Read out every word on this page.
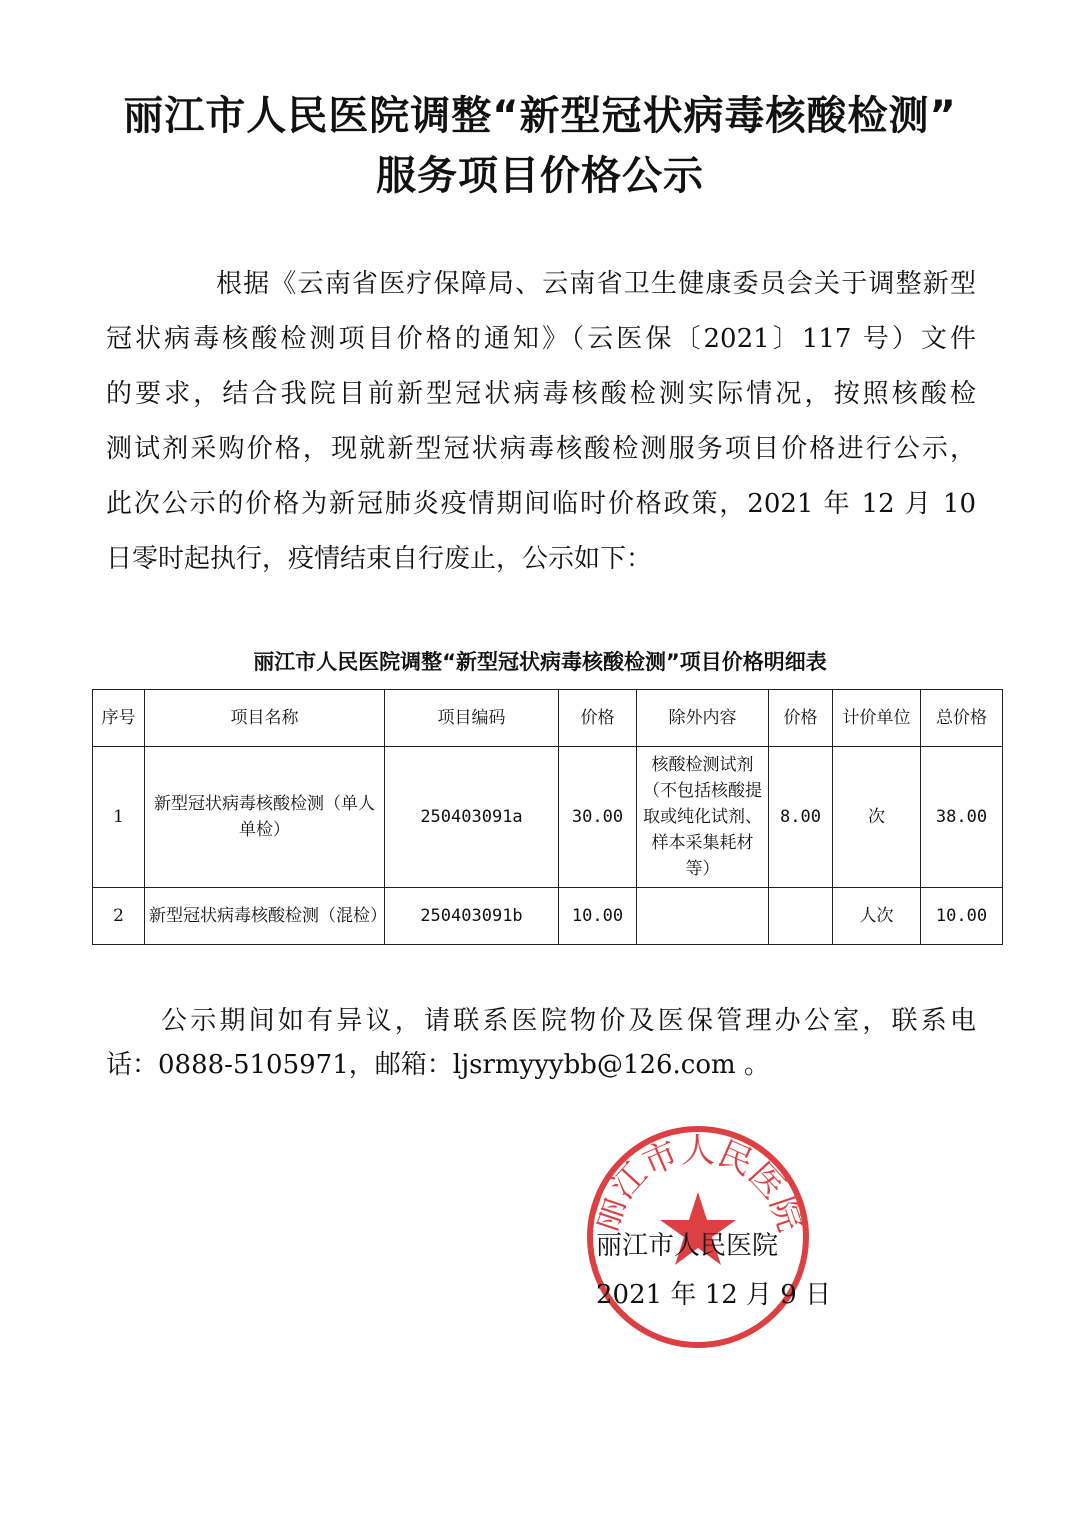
丽江市人民医院调整“新型冠状病毒核酸检测”
服务项目价格公示
根据《云南省医疗保障局、云南省卫生健康委员会关于调整新型
冠状病毒核酸检测项目价格的通知》（云医保〔2021〕117 号）文件
的要求，结合我院目前新型冠状病毒核酸检测实际情况，按照核酸检
测试剂采购价格，现就新型冠状病毒核酸检测服务项目价格进行公示，
此次公示的价格为新冠肺炎疫情期间临时价格政策，2021 年 12 月 10
日零时起执行，疫情结束自行废止，公示如下：
丽江市人民医院调整“新型冠状病毒核酸检测”项目价格明细表
序号	项目名称	项目编码	价格	除外内容	价格	计价单位	总价格
1	新型冠状病毒核酸检测（单人单检）	250403091a	30.00	核酸检测试剂（不包括核酸提取或纯化试剂、样本采集耗材等）	8.00	次	38.00
2	新型冠状病毒核酸检测（混检）	250403091b	10.00			人次	10.00
公示期间如有异议，请联系医院物价及医保管理办公室，联系电
话：0888-5105971，邮箱：ljsrmyyybb@126.com 。
丽江市人民医院
丽江市人民医院
2021 年 12 月 9 日
